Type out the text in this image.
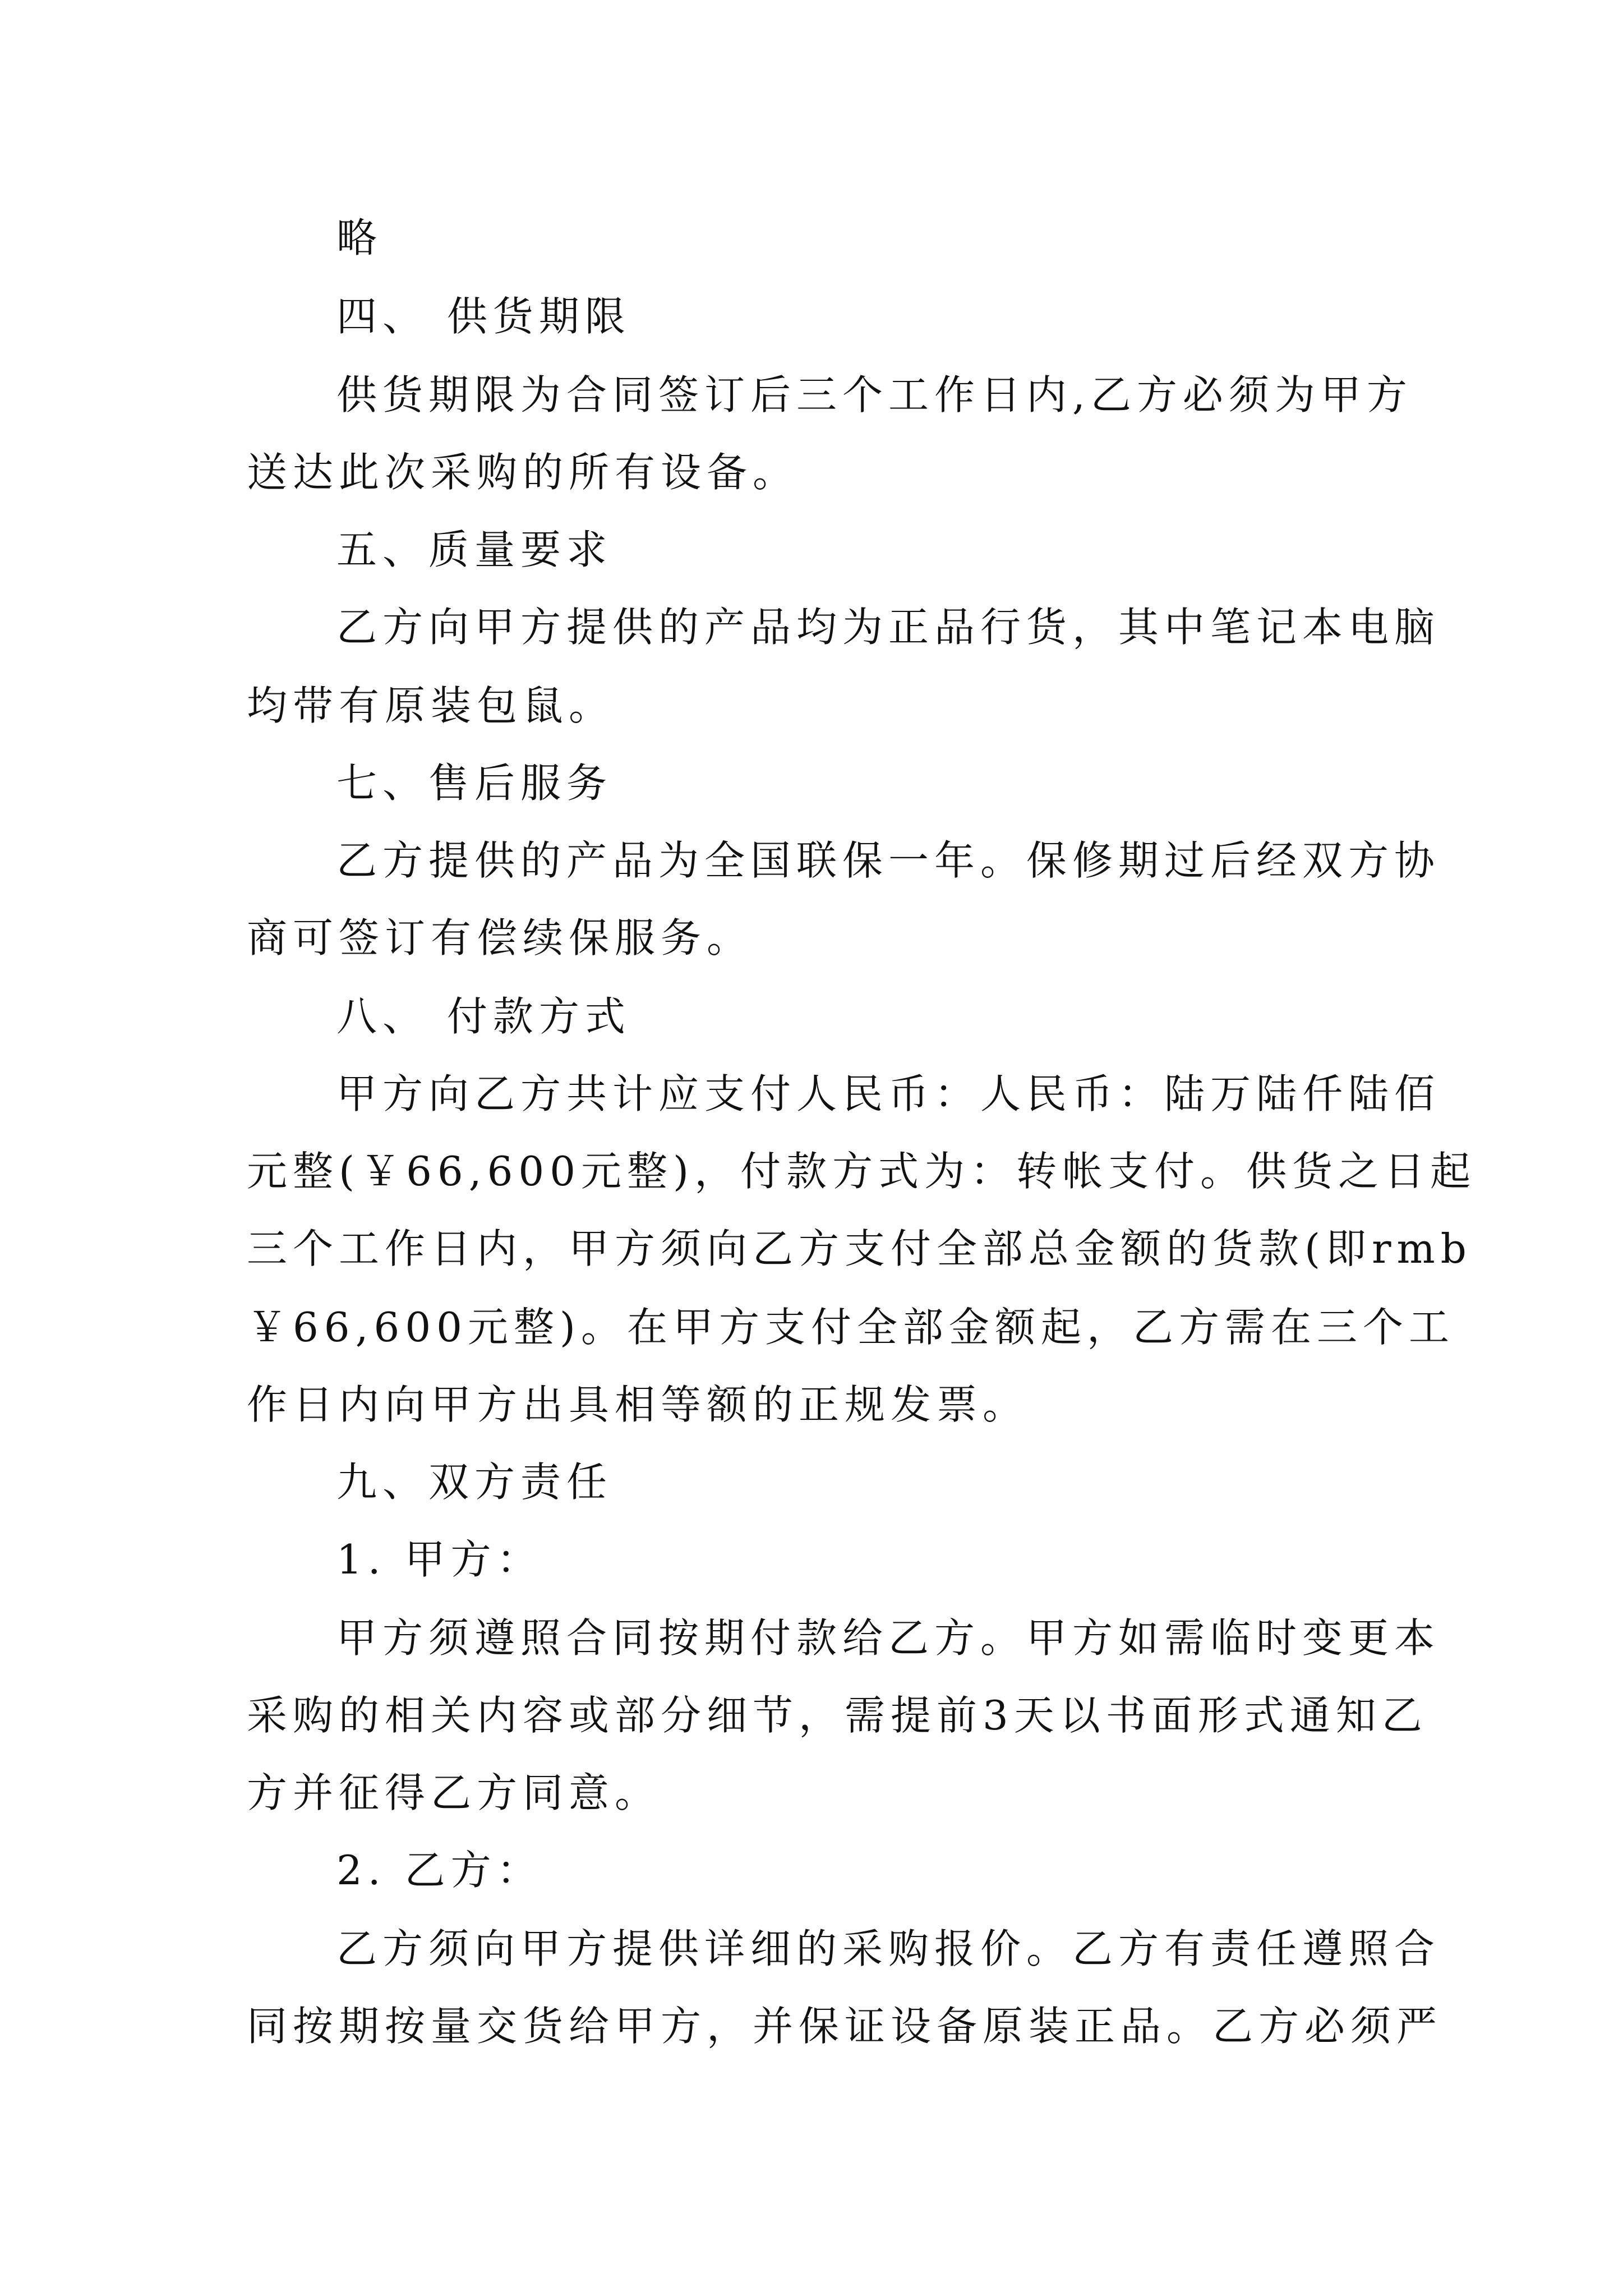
略

四、 供货期限

供货期限为合同签订后三个工作日内,乙方必须为甲方

送达此次采购的所有设备。

五、质量要求

乙方向甲方提供的产品均为正品行货，其中笔记本电脑

均带有原装包鼠。

七、售后服务

乙方提供的产品为全国联保一年。保修期过后经双方协

商可签订有偿续保服务。

八、 付款方式

甲方向乙方共计应支付人民币：人民币：陆万陆仟陆佰

元整(￥66,600元整)，付款方式为：转帐支付。供货之日起

三个工作日内，甲方须向乙方支付全部总金额的货款(即rmb

￥66,600元整)。在甲方支付全部金额起，乙方需在三个工

作日内向甲方出具相等额的正规发票。

九、双方责任

1. 甲方：

甲方须遵照合同按期付款给乙方。甲方如需临时变更本

采购的相关内容或部分细节，需提前3天以书面形式通知乙

方并征得乙方同意。

2. 乙方：

乙方须向甲方提供详细的采购报价。乙方有责任遵照合

同按期按量交货给甲方，并保证设备原装正品。乙方必须严
